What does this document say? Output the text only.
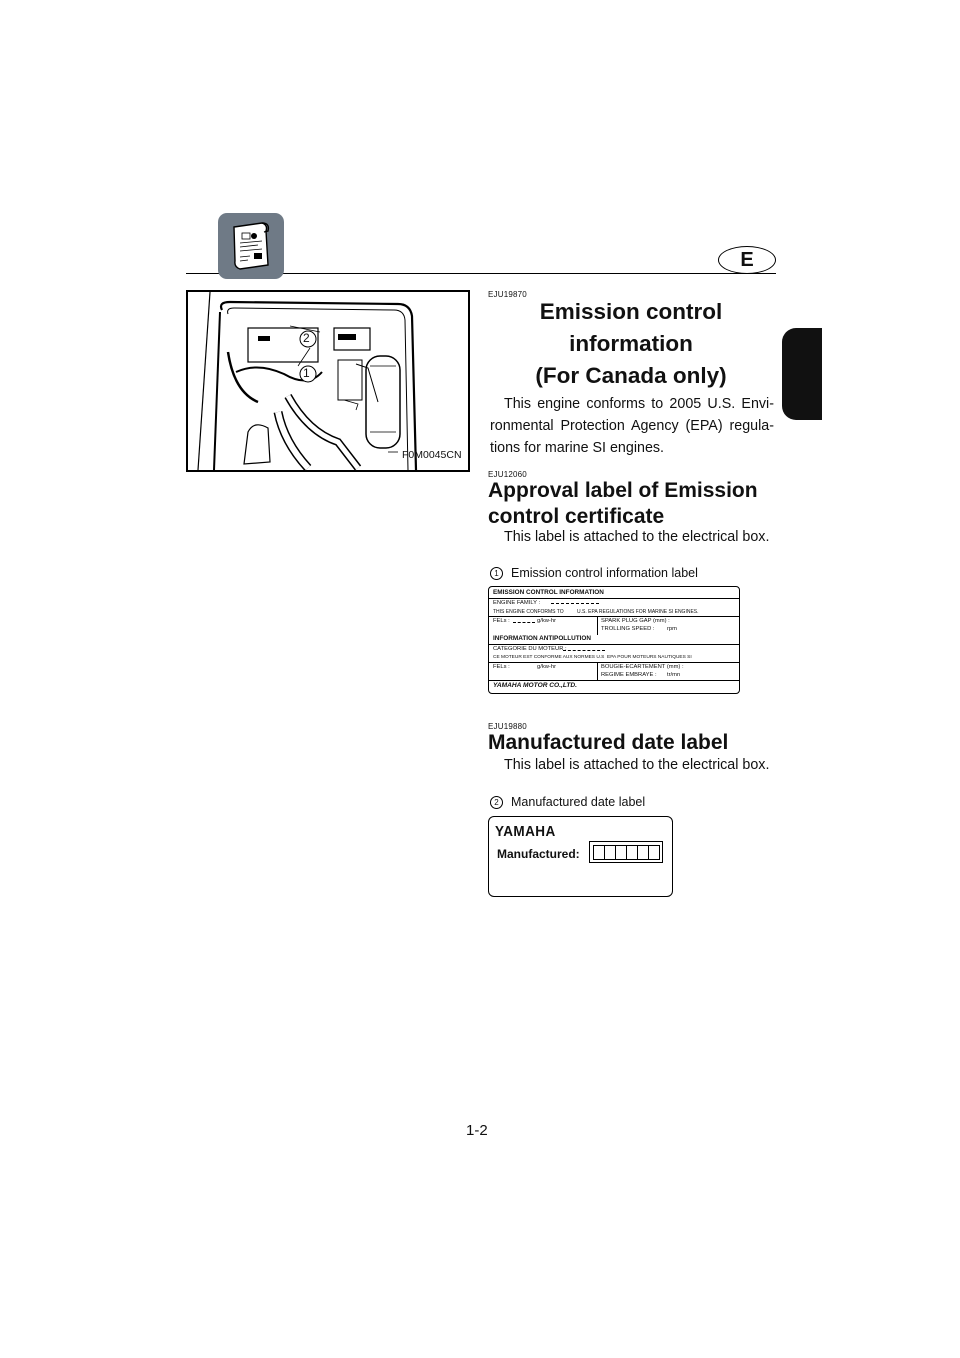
E
2
1
F0M0045CN
EJU19870
Emission control
information
(For Canada only)
This engine conforms to 2005 U.S. Envi-
ronmental Protection Agency (EPA) regula-
tions for marine SI engines.
EJU12060
Approval label of Emission
control certificate
This label is attached to the electrical box.
1 Emission control information label
EMISSION CONTROL INFORMATION
ENGINE FAMILY :
THIS ENGINE CONFORMS TO	U.S. EPA REGULATIONS FOR MARINE SI ENGINES.
FELs :	g/kw-hr	SPARK PLUG GAP (mm) :
TROLLING SPEED : rpm
INFORMATION ANTIPOLLUTION
CATEGORIE DU MOTEUR :
CE MOTEUR EST CONFORME AUX NORMES U.S EPA POUR MOTEURS NAUTIQUES SI
FELs :	g/kw-hr	BOUGIE-ECARTEMENT (mm) :
REGIME EMBRAYE : tr/mn
YAMAHA MOTOR CO.,LTD.
EJU19880
Manufactured date label
This label is attached to the electrical box.
2 Manufactured date label
YAMAHA
Manufactured:
1-2
